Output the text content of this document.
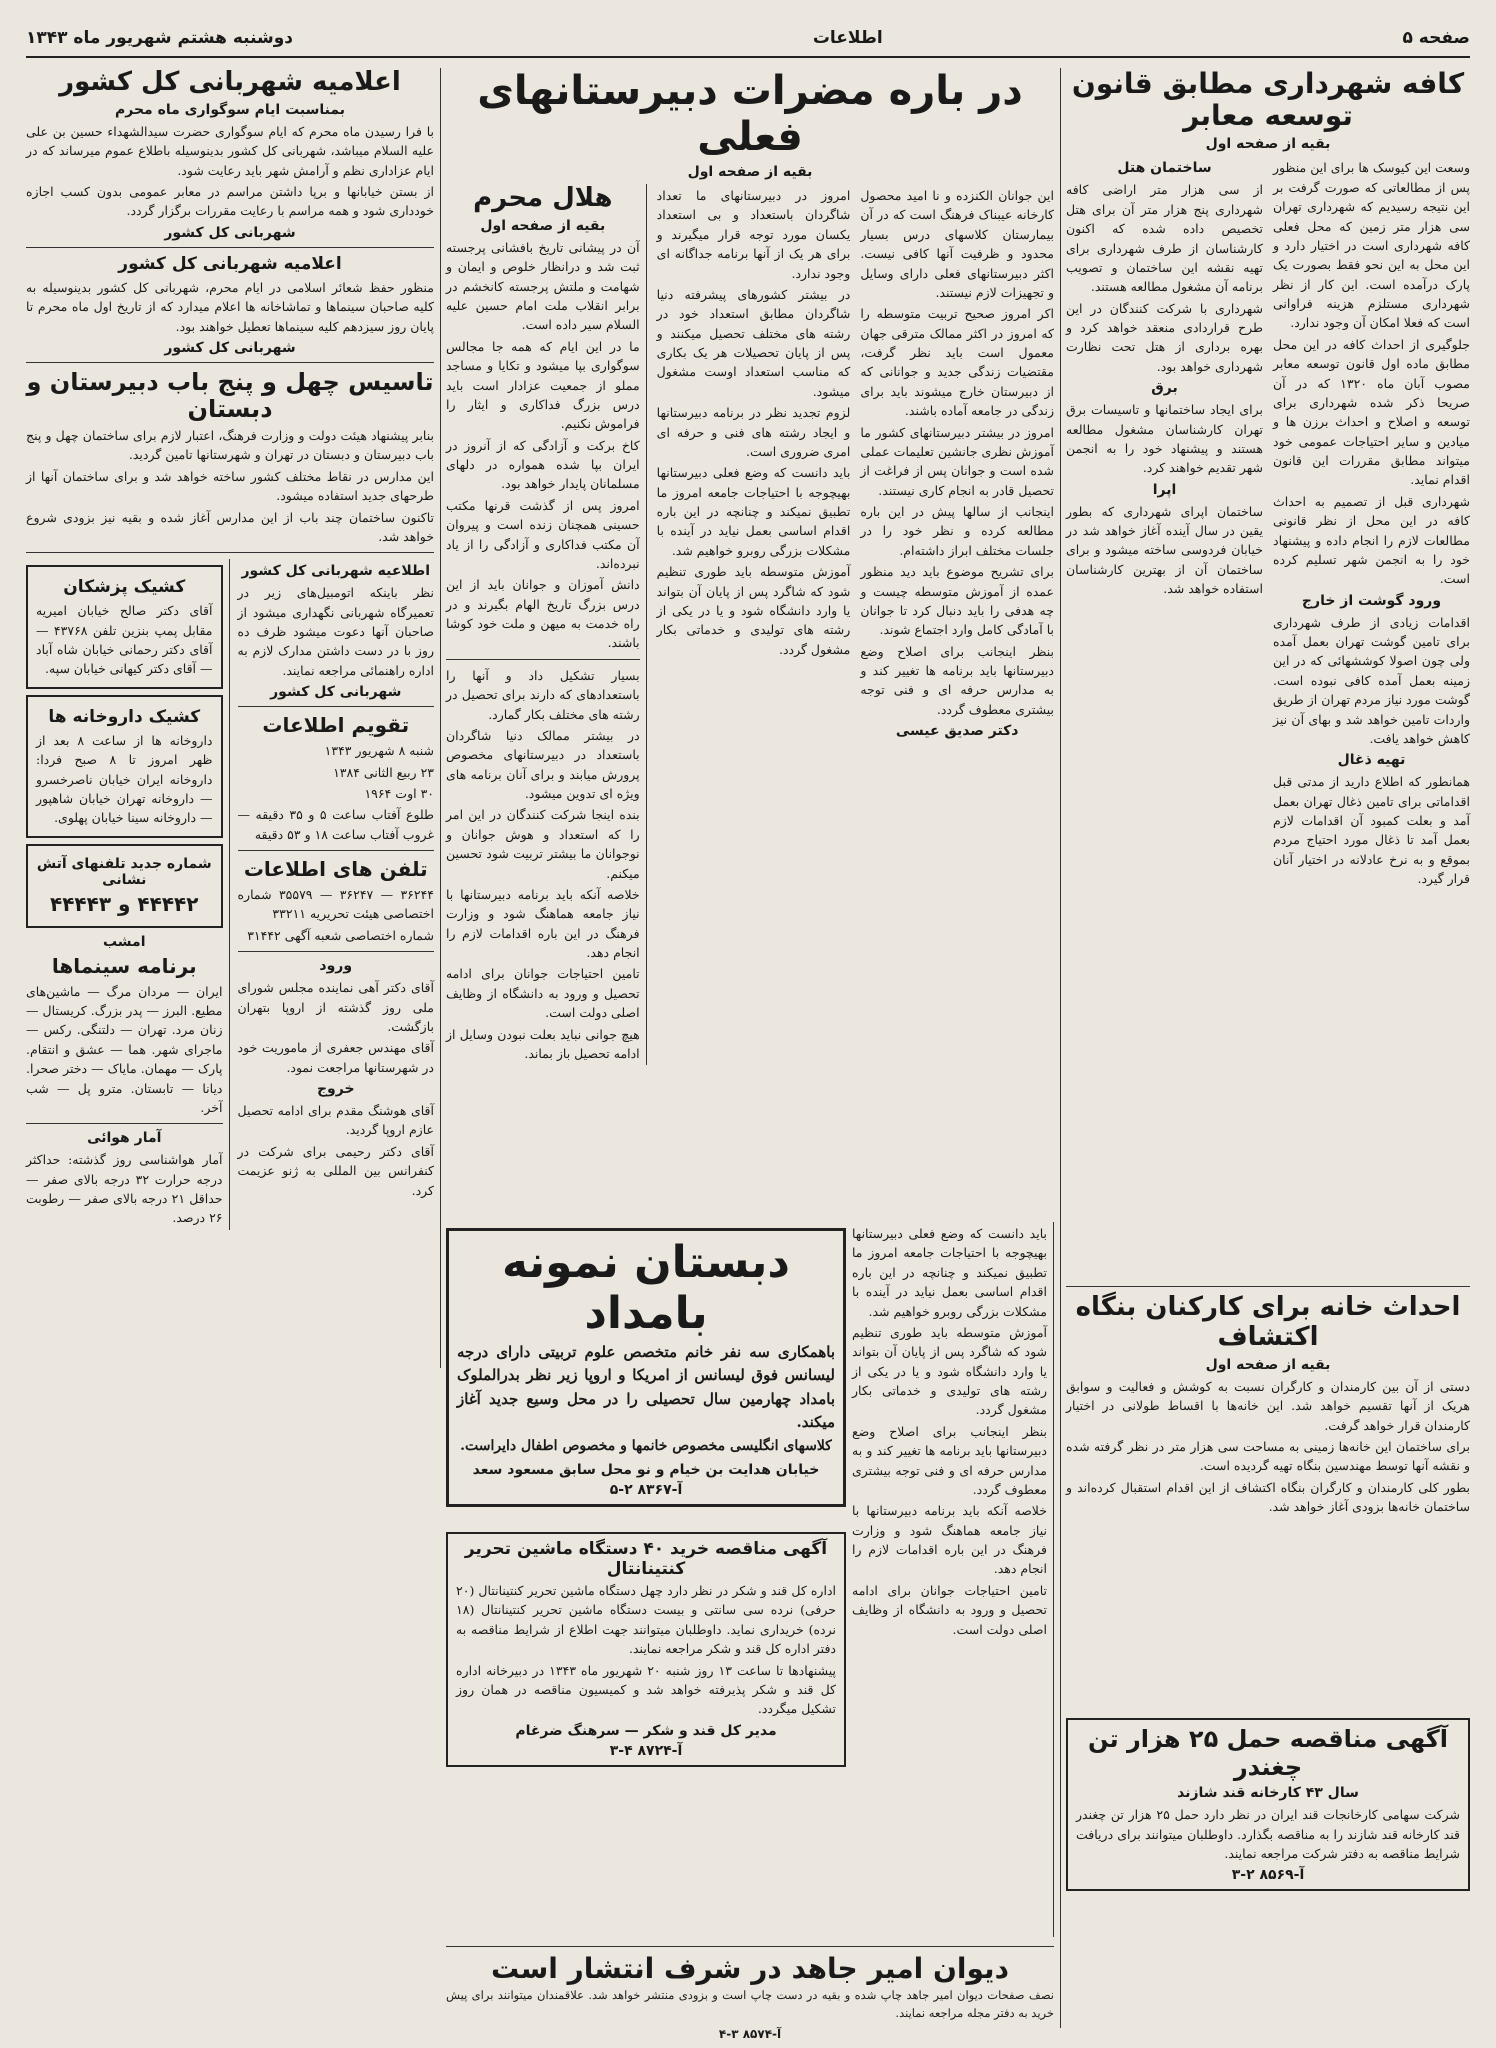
صفحه ۵
اطلاعات
دوشنبه هشتم شهریور ماه ۱۳۴۳
کافه شهرداری مطابق قانون توسعه معابر
بقیه از صفحه اول

وسعت این کیوسک ها برای این منظور پس از مطالعاتی که صورت گرفت بر این نتیجه رسیدیم که شهرداری تهران سی هزار متر زمین که محل فعلی کافه شهرداری است در اختیار دارد و این محل به این نحو فقط بصورت یک پارک درآمده است. این کار از نظر شهرداری مستلزم هزینه فراوانی است که فعلا امکان آن وجود ندارد.

جلوگیری از احداث کافه در این محل مطابق ماده اول قانون توسعه معابر مصوب آبان ماه ۱۳۲۰ که در آن صریحا ذکر شده شهرداری برای توسعه و اصلاح و احداث برزن ها و میادین و سایر احتیاجات عمومی خود میتواند مطابق مقررات این قانون اقدام نماید.

شهرداری قبل از تصمیم به احداث کافه در این محل از نظر قانونی مطالعات لازم را انجام داده و پیشنهاد خود را به انجمن شهر تسلیم کرده است.

ورود گوشت از خارج

اقدامات زیادی از طرف شهرداری برای تامین گوشت تهران بعمل آمده ولی چون اصولا کوششهائی که در این زمینه بعمل آمده کافی نبوده است. گوشت مورد نیاز مردم تهران از طریق واردات تامین خواهد شد و بهای آن نیز کاهش خواهد یافت.

تهیه ذغال

همانطور که اطلاع دارید از مدتی قبل اقداماتی برای تامین ذغال تهران بعمل آمد و بعلت کمبود آن اقدامات لازم بعمل آمد تا ذغال مورد احتیاج مردم بموقع و به نرخ عادلانه در اختیار آنان قرار گیرد.

ساختمان هتل

از سی هزار متر اراضی کافه شهرداری پنج هزار متر آن برای هتل تخصیص داده شده که اکنون کارشناسان از طرف شهرداری برای تهیه نقشه این ساختمان و تصویب برنامه آن مشغول مطالعه هستند.

شهرداری با شرکت کنندگان در این طرح قراردادی منعقد خواهد کرد و بهره برداری از هتل تحت نظارت شهرداری خواهد بود.

برق

برای ایجاد ساختمانها و تاسیسات برق تهران کارشناسان مشغول مطالعه هستند و پیشنهاد خود را به انجمن شهر تقدیم خواهند کرد.

اپرا

ساختمان اپرای شهرداری که بطور یقین در سال آینده آغاز خواهد شد در خیابان فردوسی ساخته میشود و برای ساختمان آن از بهترین کارشناسان استفاده خواهد شد.

احداث خانه برای کارکنان بنگاه اکتشاف
بقیه از صفحه اول

دستی از آن بین کارمندان و کارگران نسبت به کوشش و فعالیت و سوابق هریک از آنها تقسیم خواهد شد. این خانه‌ها با اقساط طولانی در اختیار کارمندان قرار خواهد گرفت.

برای ساختمان این خانه‌ها زمینی به مساحت سی هزار متر در نظر گرفته شده و نقشه آنها توسط مهندسین بنگاه تهیه گردیده است.

بطور کلی کارمندان و کارگران بنگاه اکتشاف از این اقدام استقبال کرده‌اند و ساختمان خانه‌ها بزودی آغاز خواهد شد.

آگهی مناقصه حمل ۲۵ هزار تن چغندر
سال ۴۳ کارخانه قند شازند

شرکت سهامی کارخانجات قند ایران در نظر دارد حمل ۲۵ هزار تن چغندر قند کارخانه قند شازند را به مناقصه بگذارد. داوطلبان میتوانند برای دریافت شرایط مناقصه به دفتر شرکت مراجعه نمایند.

آ-۸۵۶۹ ۲-۳
در باره مضرات دبیرستانهای فعلی
بقیه از صفحه اول

این جوانان الکنزده و نا امید محصول کارخانه عیبناک فرهنگ است که در آن بیمارستان کلاسهای درس بسیار محدود و ظرفیت آنها کافی نیست. اکثر دبیرستانهای فعلی دارای وسایل و تجهیزات لازم نیستند.

اکر امروز صحیح تربیت متوسطه را که امروز در اکثر ممالک مترقی جهان معمول است باید نظر گرفت، مقتضیات زندگی جدید و جوانانی که از دبیرستان خارج میشوند باید برای زندگی در جامعه آماده باشند.

امروز در بیشتر دبیرستانهای کشور ما آموزش نظری جانشین تعلیمات عملی شده است و جوانان پس از فراغت از تحصیل قادر به انجام کاری نیستند.

اینجانب از سالها پیش در این باره مطالعه کرده و نظر خود را در جلسات مختلف ابراز داشته‌ام.

برای تشریح موضوع باید دید منظور عمده از آموزش متوسطه چیست و چه هدفی را باید دنبال کرد تا جوانان با آمادگی کامل وارد اجتماع شوند.

بنظر اینجانب برای اصلاح وضع دبیرستانها باید برنامه ها تغییر کند و به مدارس حرفه ای و فنی توجه بیشتری معطوف گردد.

دکتر صدیق عیسی

امروز در دبیرستانهای ما تعداد شاگردان باستعداد و بی استعداد یکسان مورد توجه قرار میگیرند و برای هر یک از آنها برنامه جداگانه ای وجود ندارد.

در بیشتر کشورهای پیشرفته دنیا شاگردان مطابق استعداد خود در رشته های مختلف تحصیل میکنند و پس از پایان تحصیلات هر یک بکاری که مناسب استعداد اوست مشغول میشود.

لزوم تجدید نظر در برنامه دبیرستانها و ایجاد رشته های فنی و حرفه ای امری ضروری است.

باید دانست که وضع فعلی دبیرستانها بهیچوجه با احتیاجات جامعه امروز ما تطبیق نمیکند و چنانچه در این باره اقدام اساسی بعمل نیاید در آینده با مشکلات بزرگی روبرو خواهیم شد.

آموزش متوسطه باید طوری تنظیم شود که شاگرد پس از پایان آن بتواند یا وارد دانشگاه شود و یا در یکی از رشته های تولیدی و خدماتی بکار مشغول گردد.

هلال محرم
بقیه از صفحه اول

آن در پیشانی تاریخ بافشانی پرجسته ثبت شد و درانظار خلوص و ایمان و شهامت و ملتش پرجسته کانخشم در برابر انقلاب ملت امام حسین علیه السلام سیر داده است.

ما در این ایام که همه جا مجالس سوگواری بپا میشود و تکایا و مساجد مملو از جمعیت عزادار است باید درس بزرگ فداکاری و ایثار را فراموش نکنیم.

کاخ برکت و آزادگی که از آنروز در ایران بپا شده همواره در دلهای مسلمانان پایدار خواهد بود.

امروز پس از گذشت قرنها مکتب حسینی همچنان زنده است و پیروان آن مکتب فداکاری و آزادگی را از یاد نبرده‌اند.

دانش آموزان و جوانان باید از این درس بزرگ تاریخ الهام بگیرند و در راه خدمت به میهن و ملت خود کوشا باشند.

بسیار تشکیل داد و آنها را باستعدادهای که دارند برای تحصیل در رشته های مختلف بکار گمارد.

در بیشتر ممالک دنیا شاگردان باستعداد در دبیرستانهای مخصوص پرورش میابند و برای آنان برنامه های ویژه ای تدوین میشود.

بنده اینجا شرکت کنندگان در این امر را که استعداد و هوش جوانان و نوجوانان ما بیشتر تربیت شود تحسین میکنم.

خلاصه آنکه باید برنامه دبیرستانها با نیاز جامعه هماهنگ شود و وزارت فرهنگ در این باره اقدامات لازم را انجام دهد.

تامین احتیاجات جوانان برای ادامه تحصیل و ورود به دانشگاه از وظایف اصلی دولت است.

هیچ جوانی نباید بعلت نبودن وسایل از ادامه تحصیل باز بماند.

دبستان نمونه بامداد

باهمکاری سه نفر خانم متخصص علوم تربیتی دارای درجه لیسانس فوق لیسانس از امریکا و اروپا زیر نظر بدرالملوک بامداد چهارمین سال تحصیلی را در محل وسیع جدید آغاز میکند.

کلاسهای انگلیسی مخصوص خانمها و مخصوص اطفال دایراست.

خیابان هدایت بن خیام و نو محل سابق مسعود سعد
آ-۸۳۶۷ ۲-۵
آگهی مناقصه خرید ۴۰ دستگاه ماشین تحریر کنتینانتال

اداره کل قند و شکر در نظر دارد چهل دستگاه ماشین تحریر کنتینانتال (۲۰ حرفی) نرده سی سانتی و بیست دستگاه ماشین تحریر کنتینانتال (۱۸ نرده) خریداری نماید. داوطلبان میتوانند جهت اطلاع از شرایط مناقصه به دفتر اداره کل قند و شکر مراجعه نمایند.

پیشنهادها تا ساعت ۱۳ روز شنبه ۲۰ شهریور ماه ۱۳۴۳ در دبیرخانه اداره کل قند و شکر پذیرفته خواهد شد و کمیسیون مناقصه در همان روز تشکیل میگردد.

مدیر کل قند و شکر — سرهنگ ضرغام
آ-۸۷۲۴ ۴-۳

باید دانست که وضع فعلی دبیرستانها بهیچوجه با احتیاجات جامعه امروز ما تطبیق نمیکند و چنانچه در این باره اقدام اساسی بعمل نیاید در آینده با مشکلات بزرگی روبرو خواهیم شد.

آموزش متوسطه باید طوری تنظیم شود که شاگرد پس از پایان آن بتواند یا وارد دانشگاه شود و یا در یکی از رشته های تولیدی و خدماتی بکار مشغول گردد.

بنظر اینجانب برای اصلاح وضع دبیرستانها باید برنامه ها تغییر کند و به مدارس حرفه ای و فنی توجه بیشتری معطوف گردد.

خلاصه آنکه باید برنامه دبیرستانها با نیاز جامعه هماهنگ شود و وزارت فرهنگ در این باره اقدامات لازم را انجام دهد.

تامین احتیاجات جوانان برای ادامه تحصیل و ورود به دانشگاه از وظایف اصلی دولت است.

دیوان امیر جاهد در شرف انتشار است

نصف صفحات دیوان امیر جاهد چاپ شده و بقیه در دست چاپ است و بزودی منتشر خواهد شد. علاقمندان میتوانند برای پیش خرید به دفتر مجله مراجعه نمایند.

آ-۸۵۷۴ ۳-۴
اعلامیه شهربانی کل کشور
بمناسبت ایام سوگواری ماه محرم

با فرا رسیدن ماه محرم که ایام سوگواری حضرت سیدالشهداء حسین بن علی علیه السلام میباشد، شهربانی کل کشور بدینوسیله باطلاع عموم میرساند که در ایام عزاداری نظم و آرامش شهر باید رعایت شود.

از بستن خیابانها و برپا داشتن مراسم در معابر عمومی بدون کسب اجازه خودداری شود و همه مراسم با رعایت مقررات برگزار گردد.

شهربانی کل کشور
اعلامیه شهربانی کل کشور

منظور حفظ شعائر اسلامی در ایام محرم، شهربانی کل کشور بدینوسیله به کلیه صاحبان سینماها و تماشاخانه ها اعلام میدارد که از تاریخ اول ماه محرم تا پایان روز سیزدهم کلیه سینماها تعطیل خواهند بود.

شهربانی کل کشور
تاسیس چهل و پنج باب دبیرستان و دبستان

بنابر پیشنهاد هیئت دولت و وزارت فرهنگ، اعتبار لازم برای ساختمان چهل و پنج باب دبیرستان و دبستان در تهران و شهرستانها تامین گردید.

این مدارس در نقاط مختلف کشور ساخته خواهد شد و برای ساختمان آنها از طرحهای جدید استفاده میشود.

تاکنون ساختمان چند باب از این مدارس آغاز شده و بقیه نیز بزودی شروع خواهد شد.

اطلاعیه شهربانی کل کشور

نظر باینکه اتومبیل‌های زیر در تعمیرگاه شهربانی نگهداری میشود از صاحبان آنها دعوت میشود ظرف ده روز با در دست داشتن مدارک لازم به اداره راهنمائی مراجعه نمایند.

شهربانی کل کشور
تقویم اطلاعات
شنبه ۸ شهریور ۱۳۴۳
۲۳ ربیع الثانی ۱۳۸۴
۳۰ اوت ۱۹۶۴
طلوع آفتاب ساعت ۵ و ۳۵ دقیقه — غروب آفتاب ساعت ۱۸ و ۵۳ دقیقه
تلفن های اطلاعات
۳۶۲۴۴ — ۳۶۲۴۷ — ۳۵۵۷۹ شماره اختصاصی هیئت تحریریه ۳۳۲۱۱
شماره اختصاصی شعبه آگهی ۳۱۴۴۲
ورود

آقای دکتر آهی نماینده مجلس شورای ملی روز گذشته از اروپا بتهران بازگشت.

آقای مهندس جعفری از ماموریت خود در شهرستانها مراجعت نمود.

خروج

آقای هوشنگ مقدم برای ادامه تحصیل عازم اروپا گردید.

آقای دکتر رحیمی برای شرکت در کنفرانس بین المللی به ژنو عزیمت کرد.

کشیک پزشکان

آقای دکتر صالح خیابان امیریه مقابل پمپ بنزین تلفن ۴۳۷۶۸ — آقای دکتر رحمانی خیابان شاه آباد — آقای دکتر کیهانی خیابان سپه.

کشیک داروخانه ها

داروخانه ها از ساعت ۸ بعد از ظهر امروز تا ۸ صبح فردا: داروخانه ایران خیابان ناصرخسرو — داروخانه تهران خیابان شاهپور — داروخانه سینا خیابان پهلوی.

شماره جدید تلفنهای آتش نشانی
۴۴۴۴۲ و ۴۴۴۴۳
امشب
برنامه سینماها

ایران — مردان مرگ — ماشین‌های مطیع. البرز — پدر بزرگ. کریستال — زنان مرد. تهران — دلتنگی. رکس — ماجرای شهر. هما — عشق و انتقام. پارک — مهمان. مایاک — دختر صحرا. دیانا — تابستان. مترو پل — شب آخر.

آمار هوائی

آمار هواشناسی روز گذشته: حداکثر درجه حرارت ۳۲ درجه بالای صفر — حداقل ۲۱ درجه بالای صفر — رطوبت ۲۶ درصد.
